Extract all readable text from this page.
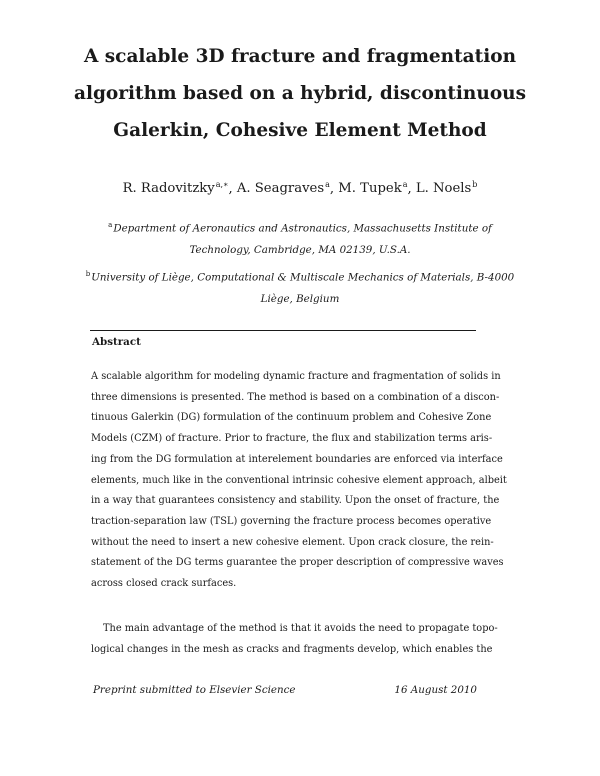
A scalable 3D fracture and fragmentation
algorithm based on a hybrid, discontinuous
Galerkin, Cohesive Element Method
R. Radovitzky$^{a,∗}$, A. Seagraves$^a$, M. Tupek$^a$, L. Noels$^b$
$^a$Department of Aeronautics and Astronautics, Massachusetts Institute of
Technology, Cambridge, MA 02139, U.S.A.
$^b$University of Liège, Computational & Multiscale Mechanics of Materials, B-4000
Liège, Belgium
Abstract
A scalable algorithm for modeling dynamic fracture and fragmentation of solids in
three dimensions is presented. The method is based on a combination of a discon-
tinuous Galerkin (DG) formulation of the continuum problem and Cohesive Zone
Models (CZM) of fracture. Prior to fracture, the flux and stabilization terms aris-
ing from the DG formulation at interelement boundaries are enforced via interface
elements, much like in the conventional intrinsic cohesive element approach, albeit
in a way that guarantees consistency and stability. Upon the onset of fracture, the
traction-separation law (TSL) governing the fracture process becomes operative
without the need to insert a new cohesive element. Upon crack closure, the rein-
statement of the DG terms guarantee the proper description of compressive waves
across closed crack surfaces.
The main advantage of the method is that it avoids the need to propagate topo-
logical changes in the mesh as cracks and fragments develop, which enables the
Preprint submitted to Elsevier Science	16 August 2010
